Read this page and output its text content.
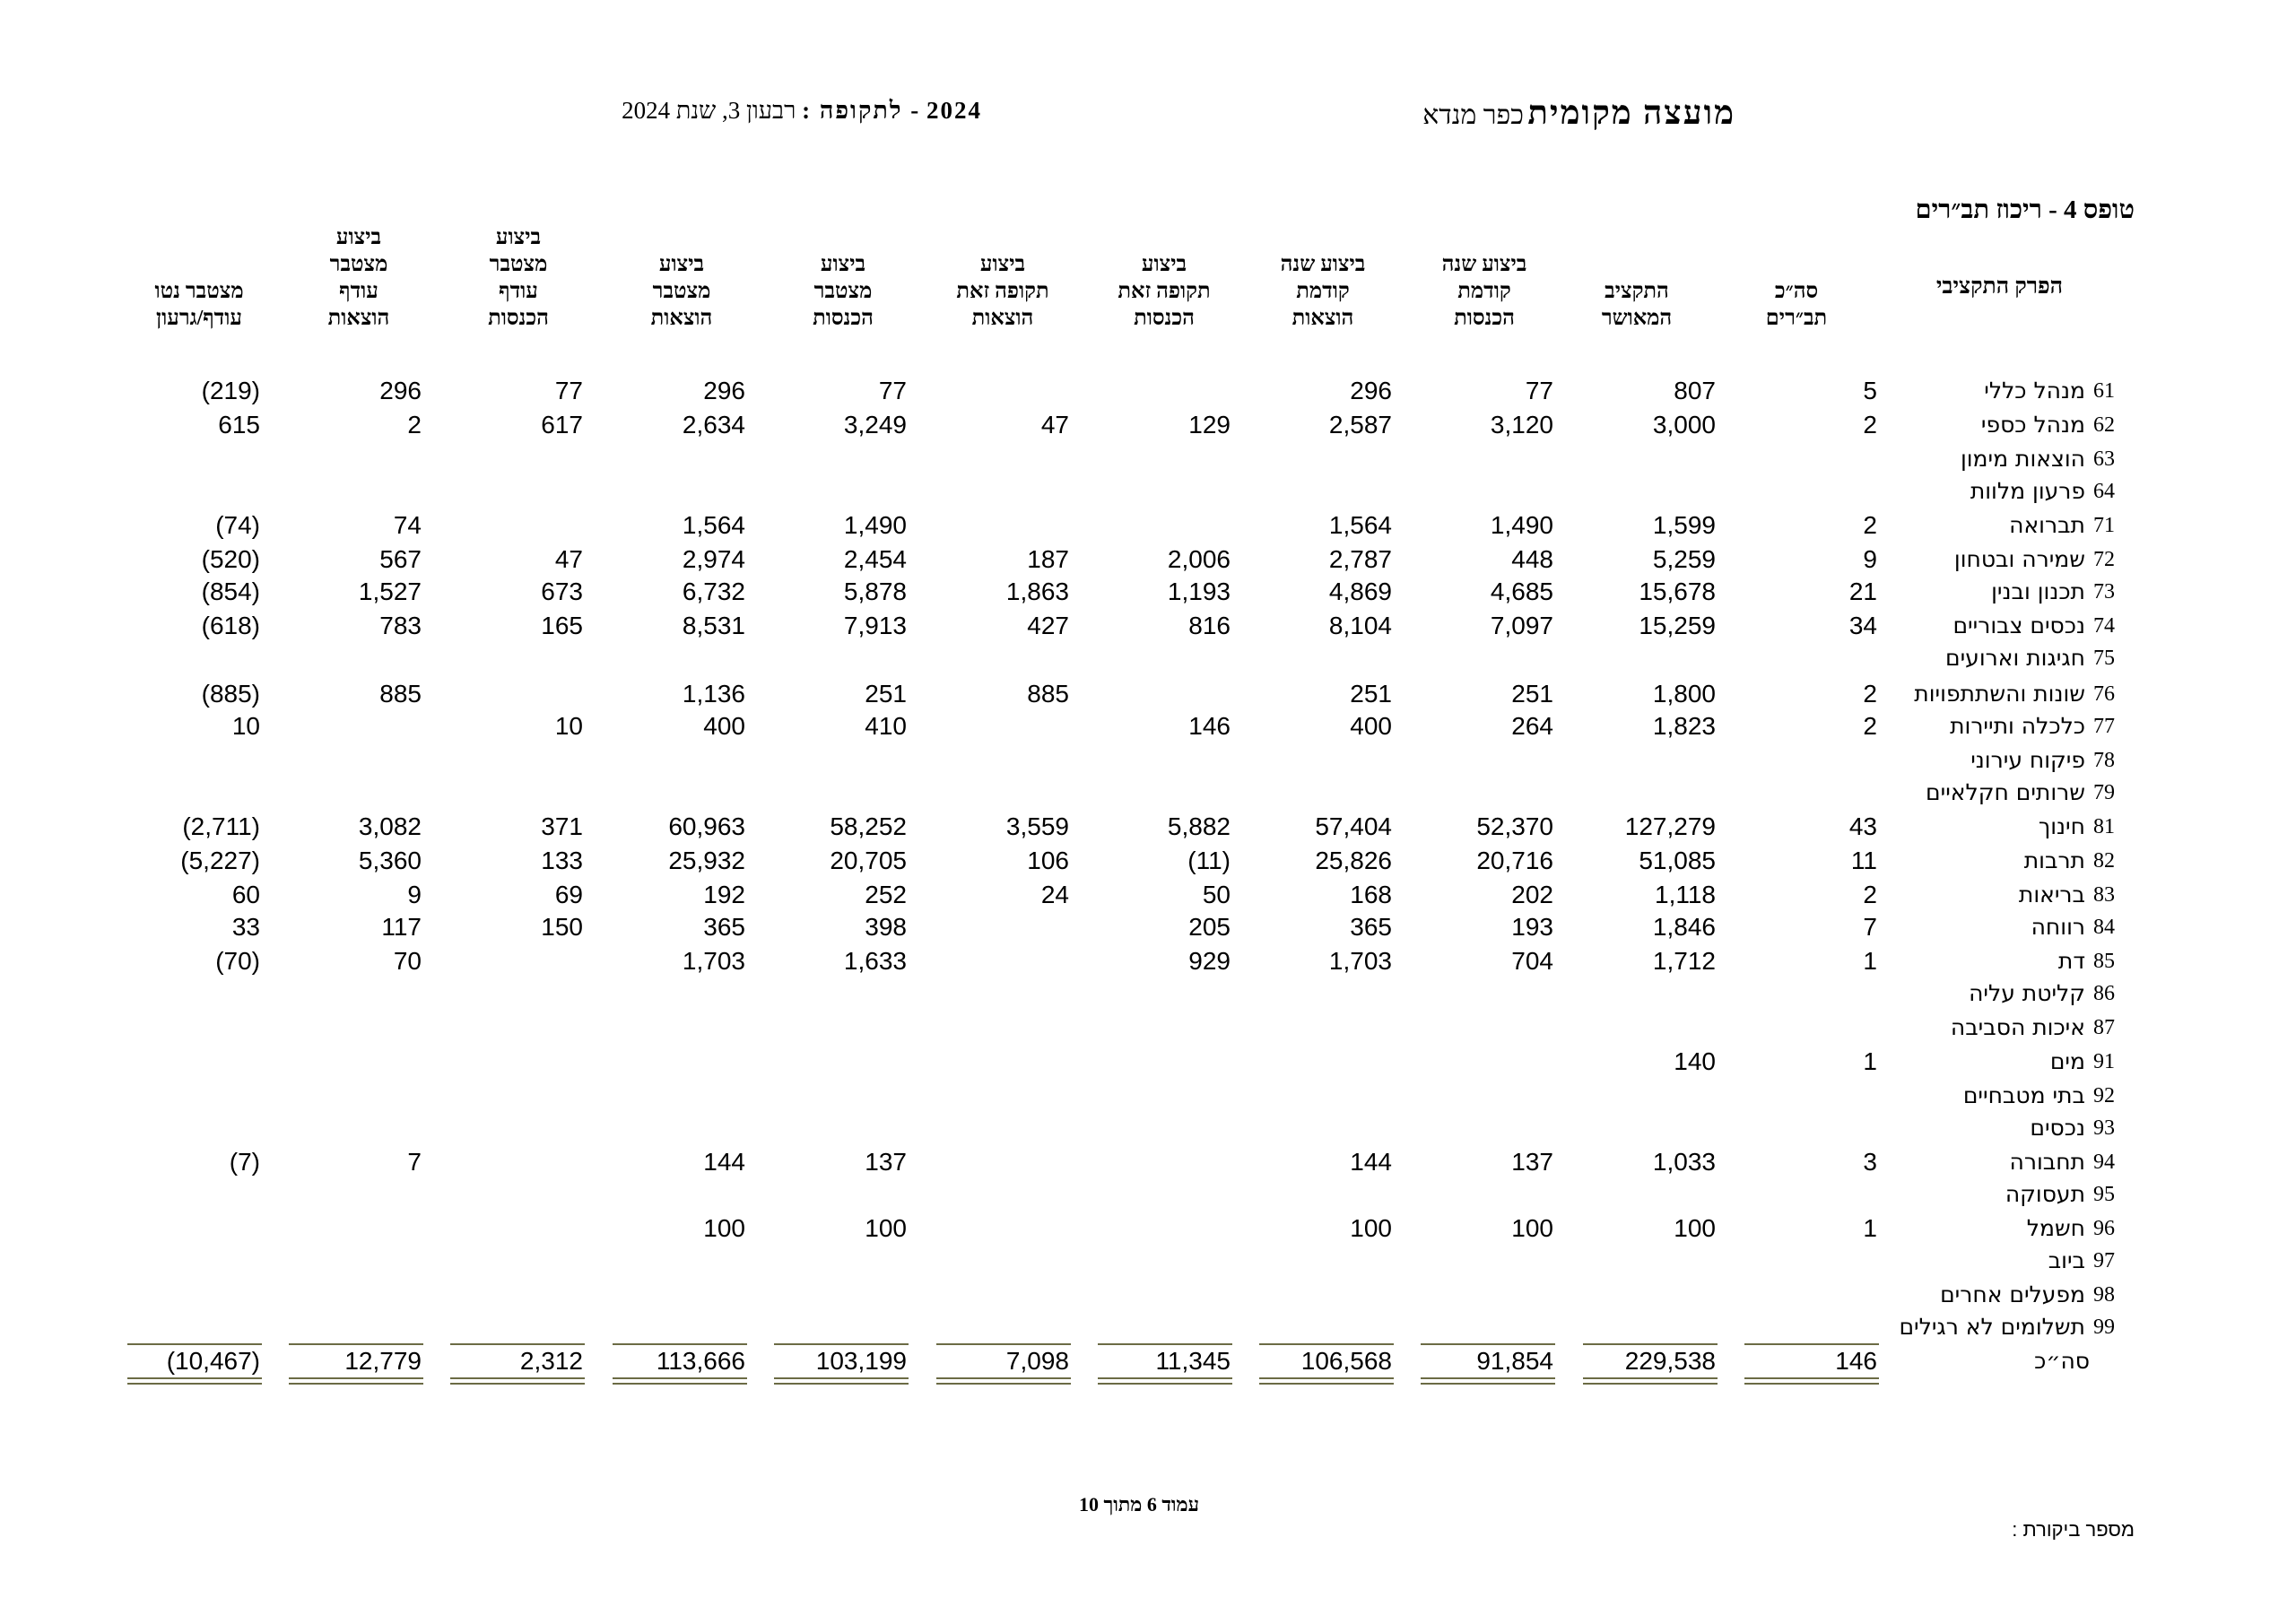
מועצה מקומית כפר מנדא
2024 - לתקופה : רבעון 3, שנת 2024
טופס 4 - ריכוז תב״רים
הפרק התקציבי
סה״כ
תב״רים
התקציב
המאושר
ביצוע שנה
קודמת
הכנסות
ביצוע שנה
קודמת
הוצאות
ביצוע
תקופה זאת
הכנסות
ביצוע
תקופה זאת
הוצאות
ביצוע
מצטבר
הכנסות
ביצוע
מצטבר
הוצאות
ביצוע
מצטבר
עודף
הכנסות
ביצוע
מצטבר
עודף
הוצאות
מצטבר נטו
עודף/גרעון
61
מנהל כללי
5
807
77
296
77
296
77
296
(219)
62
מנהל כספי
2
3,000
3,120
2,587
129
47
3,249
2,634
617
2
615
63
הוצאות מימון
64
פרעון מלוות
71
תברואה
2
1,599
1,490
1,564
1,490
1,564
74
(74)
72
שמירה ובטחון
9
5,259
448
2,787
2,006
187
2,454
2,974
47
567
(520)
73
תכנון ובנין
21
15,678
4,685
4,869
1,193
1,863
5,878
6,732
673
1,527
(854)
74
נכסים צבוריים
34
15,259
7,097
8,104
816
427
7,913
8,531
165
783
(618)
75
חגיגות וארועים
76
שונות והשתתפויות
2
1,800
251
251
885
251
1,136
885
(885)
77
כלכלה ותיירות
2
1,823
264
400
146
410
400
10
10
78
פיקוח עירוני
79
שרותים חקלאיים
81
חינוך
43
127,279
52,370
57,404
5,882
3,559
58,252
60,963
371
3,082
(2,711)
82
תרבות
11
51,085
20,716
25,826
(11)
106
20,705
25,932
133
5,360
(5,227)
83
בריאות
2
1,118
202
168
50
24
252
192
69
9
60
84
רווחה
7
1,846
193
365
205
398
365
150
117
33
85
דת
1
1,712
704
1,703
929
1,633
1,703
70
(70)
86
קליטת עליה
87
איכות הסביבה
91
מים
1
140
92
בתי מטבחיים
93
נכסים
94
תחבורה
3
1,033
137
144
137
144
7
(7)
95
תעסוקה
96
חשמל
1
100
100
100
100
100
97
ביוב
98
מפעלים אחרים
99
תשלומים לא רגילים
סה״כ
146
229,538
91,854
106,568
11,345
7,098
103,199
113,666
2,312
12,779
(10,467)
עמוד 6 מתוך 10
מספר ביקורת :
